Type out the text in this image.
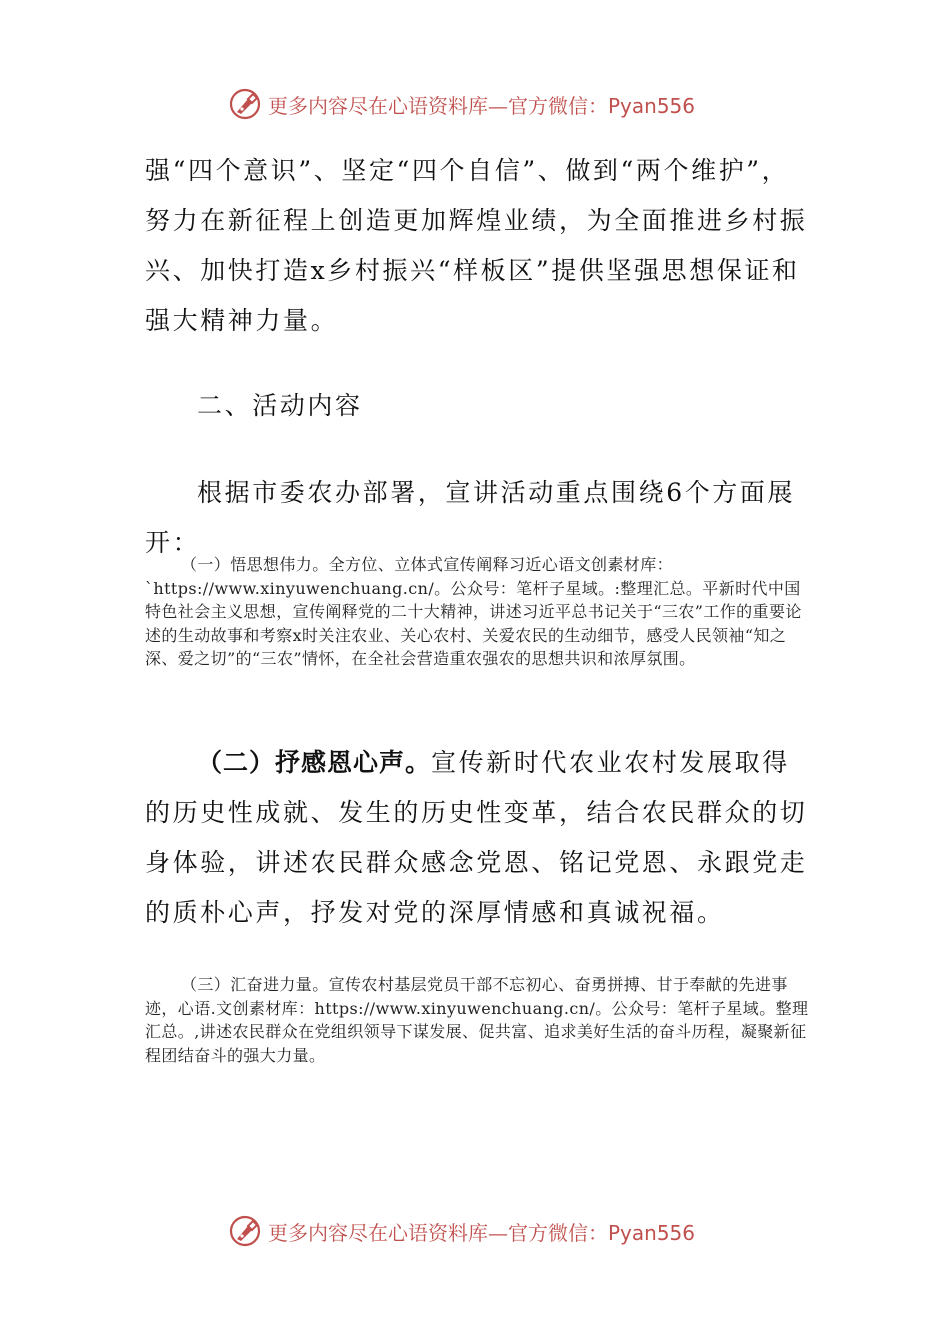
更多内容尽在心语资料库— 官方微信：Pyan556

强“四个意识”、坚定“四个自信”、做到“两个维护”，努力在新征程上创造更加辉煌业绩，为全面推进乡村振兴、加快打造x乡村振兴“样板区”提供坚强思想保证和强大精神力量。

二、活动内容

根据市委农办部署，宣讲活动重点围绕6个方面展开：

（一）悟思想伟力。全方位、立体式宣传阐释习近心语文创素材库：`https://www.xinyuwenchuang.cn/。公众号：笔杆子星域。:整理汇总。平新时代中国特色社会主义思想，宣传阐释党的二十大精神，讲述习近平总书记关于“三农”工作的重要论述的生动故事和考察x时关注农业、关心农村、关爱农民的生动细节，感受人民领袖“知之深、爱之切”的“三农”情怀，在全社会营造重农强农的思想共识和浓厚氛围。

（二）抒感恩心声。宣传新时代农业农村发展取得的历史性成就、发生的历史性变革，结合农民群众的切身体验，讲述农民群众感念党恩、铭记党恩、永跟党走的质朴心声，抒发对党的深厚情感和真诚祝福。

（三）汇奋进力量。宣传农村基层党员干部不忘初心、奋勇拼搏、甘于奉献的先进事迹，心语.文创素材库：https://www.xinyuwenchuang.cn/。公众号：笔杆子星域。整理汇总。,讲述农民群众在党组织领导下谋发展、促共富、追求美好生活的奋斗历程，凝聚新征程团结奋斗的强大力量。

更多内容尽在心语资料库— 官方微信：Pyan556
